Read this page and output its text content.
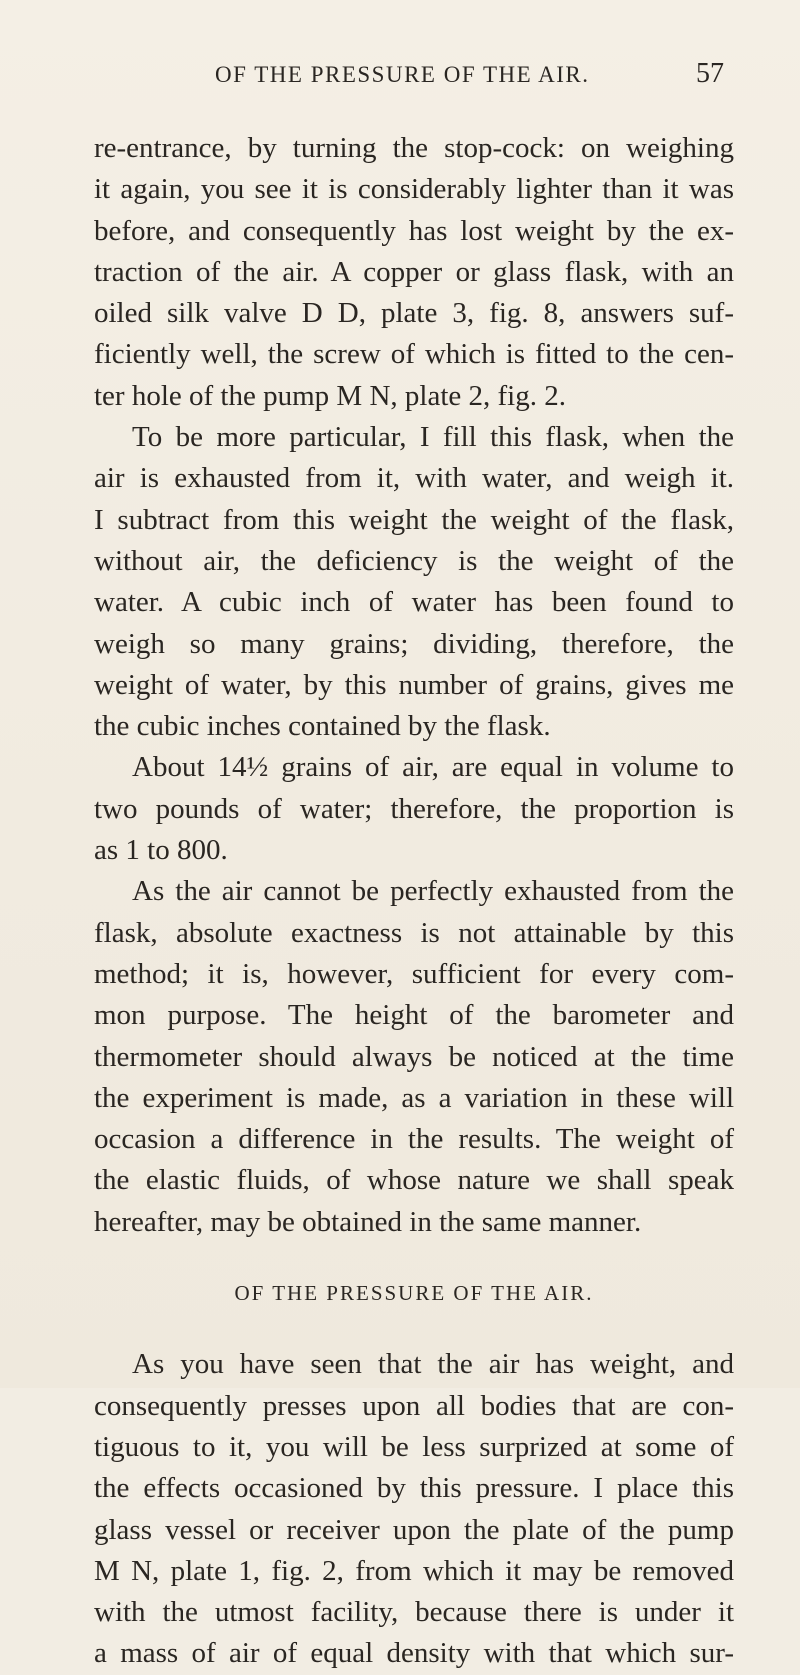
OF THE PRESSURE OF THE AIR.	57
re-entrance, by turning the stop-cock: on weighing
it again, you see it is considerably lighter than it was
before, and consequently has lost weight by the ex-
traction of the air. A copper or glass flask, with an
oiled silk valve D D, plate 3, fig. 8, answers suf-
ficiently well, the screw of which is fitted to the cen-
ter hole of the pump M N, plate 2, fig. 2.
To be more particular, I fill this flask, when the
air is exhausted from it, with water, and weigh it.
I subtract from this weight the weight of the flask,
without air, the deficiency is the weight of the
water. A cubic inch of water has been found to
weigh so many grains; dividing, therefore, the
weight of water, by this number of grains, gives me
the cubic inches contained by the flask.
About 14½ grains of air, are equal in volume to
two pounds of water; therefore, the proportion is
as 1 to 800.
As the air cannot be perfectly exhausted from the
flask, absolute exactness is not attainable by this
method; it is, however, sufficient for every com-
mon purpose. The height of the barometer and
thermometer should always be noticed at the time
the experiment is made, as a variation in these will
occasion a difference in the results. The weight of
the elastic fluids, of whose nature we shall speak
hereafter, may be obtained in the same manner.
OF THE PRESSURE OF THE AIR.
As you have seen that the air has weight, and
consequently presses upon all bodies that are con-
tiguous to it, you will be less surprized at some of
the effects occasioned by this pressure. I place this
glass vessel or receiver upon the plate of the pump
M N, plate 1, fig. 2, from which it may be removed
with the utmost facility, because there is under it
a mass of air of equal density with that which sur-
